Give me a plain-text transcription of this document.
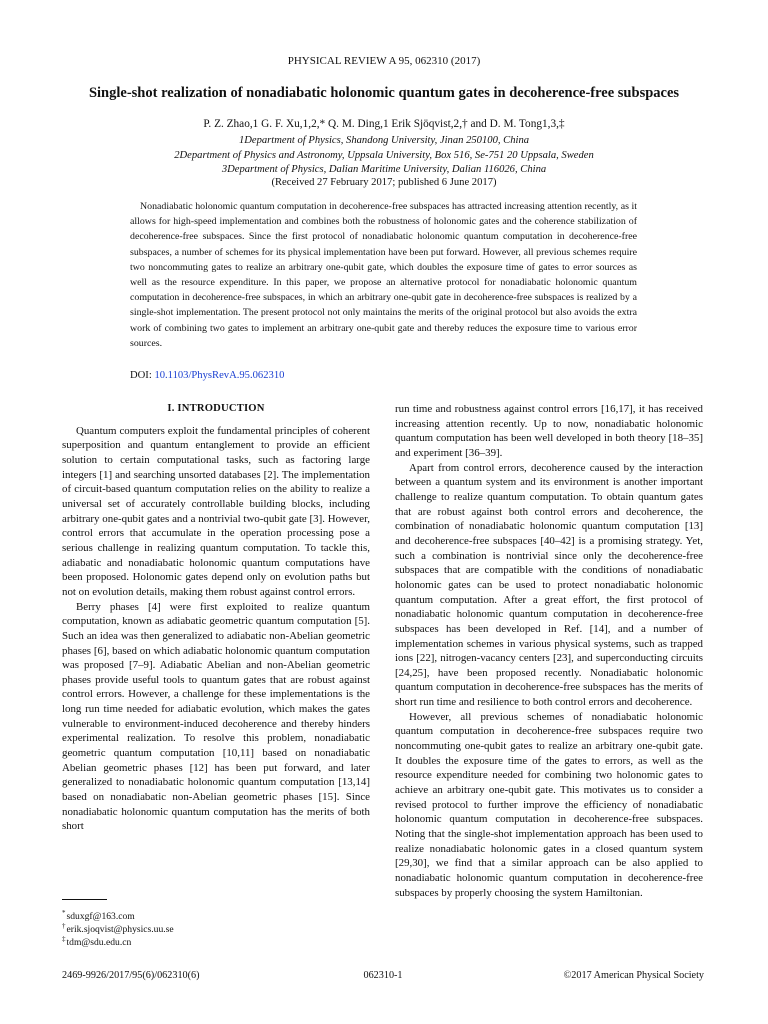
PHYSICAL REVIEW A 95, 062310 (2017)
Single-shot realization of nonadiabatic holonomic quantum gates in decoherence-free subspaces
P. Z. Zhao,1 G. F. Xu,1,2,* Q. M. Ding,1 Erik Sjöqvist,2,† and D. M. Tong1,3,‡
1Department of Physics, Shandong University, Jinan 250100, China
2Department of Physics and Astronomy, Uppsala University, Box 516, Se-751 20 Uppsala, Sweden
3Department of Physics, Dalian Maritime University, Dalian 116026, China
(Received 27 February 2017; published 6 June 2017)

Nonadiabatic holonomic quantum computation in decoherence-free subspaces has attracted increasing attention recently, as it allows for high-speed implementation and combines both the robustness of holonomic gates and the coherence stabilization of decoherence-free subspaces. Since the first protocol of nonadiabatic holonomic quantum computation in decoherence-free subspaces, a number of schemes for its physical implementation have been put forward. However, all previous schemes require two noncommuting gates to realize an arbitrary one-qubit gate, which doubles the exposure time of gates to error sources as well as the resource expenditure. In this paper, we propose an alternative protocol for nonadiabatic holonomic quantum computation in decoherence-free subspaces, in which an arbitrary one-qubit gate in decoherence-free subspaces is realized by a single-shot implementation. The present protocol not only maintains the merits of the original protocol but also avoids the extra work of combining two gates to implement an arbitrary one-qubit gate and thereby reduces the exposure time to various error sources.

DOI: 10.1103/PhysRevA.95.062310
I. INTRODUCTION

Quantum computers exploit the fundamental principles of coherent superposition and quantum entanglement to provide an efficient solution to certain computational tasks, such as factoring large integers [1] and searching unsorted databases [2]. The implementation of circuit-based quantum computation relies on the ability to realize a universal set of accurately controllable building blocks, including arbitrary one-qubit gates and a nontrivial two-qubit gate [3]. However, control errors that accumulate in the operation processing pose a serious challenge in realizing quantum computation. To tackle this, adiabatic and nonadiabatic holonomic quantum computations have been proposed. Holonomic gates depend only on evolution paths but not on evolution details, making them robust against control errors.

Berry phases [4] were first exploited to realize quantum computation, known as adiabatic geometric quantum computation [5]. Such an idea was then generalized to adiabatic non-Abelian geometric phases [6], based on which adiabatic holonomic quantum computation was proposed [7–9]. Adiabatic Abelian and non-Abelian geometric phases provide useful tools to quantum gates that are robust against control errors. However, a challenge for these implementations is the long run time needed for adiabatic evolution, which makes the gates vulnerable to environment-induced decoherence and thereby hinders experimental realization. To resolve this problem, nonadiabatic geometric quantum computation [10,11] based on nonadiabatic Abelian geometric phases [12] has been put forward, and later generalized to nonadiabatic holonomic quantum computation [13,14] based on nonadiabatic non-Abelian geometric phases [15]. Since nonadiabatic holonomic quantum computation has the merits of both short

run time and robustness against control errors [16,17], it has received increasing attention recently. Up to now, nonadiabatic holonomic quantum computation has been well developed in both theory [18–35] and experiment [36–39].

Apart from control errors, decoherence caused by the interaction between a quantum system and its environment is another important challenge to realize quantum computation. To obtain quantum gates that are robust against both control errors and decoherence, the combination of nonadiabatic holonomic quantum computation [13] and decoherence-free subspaces [40–42] is a promising strategy. Yet, such a combination is nontrivial since only the decoherence-free subspaces that are compatible with the conditions of nonadiabatic holonomic gates can be used to protect nonadiabatic holonomic quantum computation. After a great effort, the first protocol of nonadiabatic holonomic quantum computation in decoherence-free subspaces has been developed in Ref. [14], and a number of implementation schemes in various physical systems, such as trapped ions [22], nitrogen-vacancy centers [23], and superconducting circuits [24,25], have been proposed recently. Nonadiabatic holonomic quantum computation in decoherence-free subspaces has the merits of short run time and resilience to both control errors and decoherence.

However, all previous schemes of nonadiabatic holonomic quantum computation in decoherence-free subspaces require two noncommuting one-qubit gates to realize an arbitrary one-qubit gate. It doubles the exposure time of the gates to errors, as well as the resource expenditure needed for combining two holonomic gates to achieve an arbitrary one-qubit gate. This motivates us to consider a revised protocol to further improve the efficiency of nonadiabatic holonomic quantum computation in decoherence-free subspaces. Noting that the single-shot implementation approach has been used to realize nonadiabatic holonomic gates in a closed quantum system [29,30], we find that a similar approach can be also applied to nonadiabatic holonomic quantum computation in decoherence-free subspaces by properly choosing the system Hamiltonian.

*sduxgf@163.com
†erik.sjoqvist@physics.uu.se
‡tdm@sdu.edu.cn
2469-9926/2017/95(6)/062310(6)	062310-1	©2017 American Physical Society
